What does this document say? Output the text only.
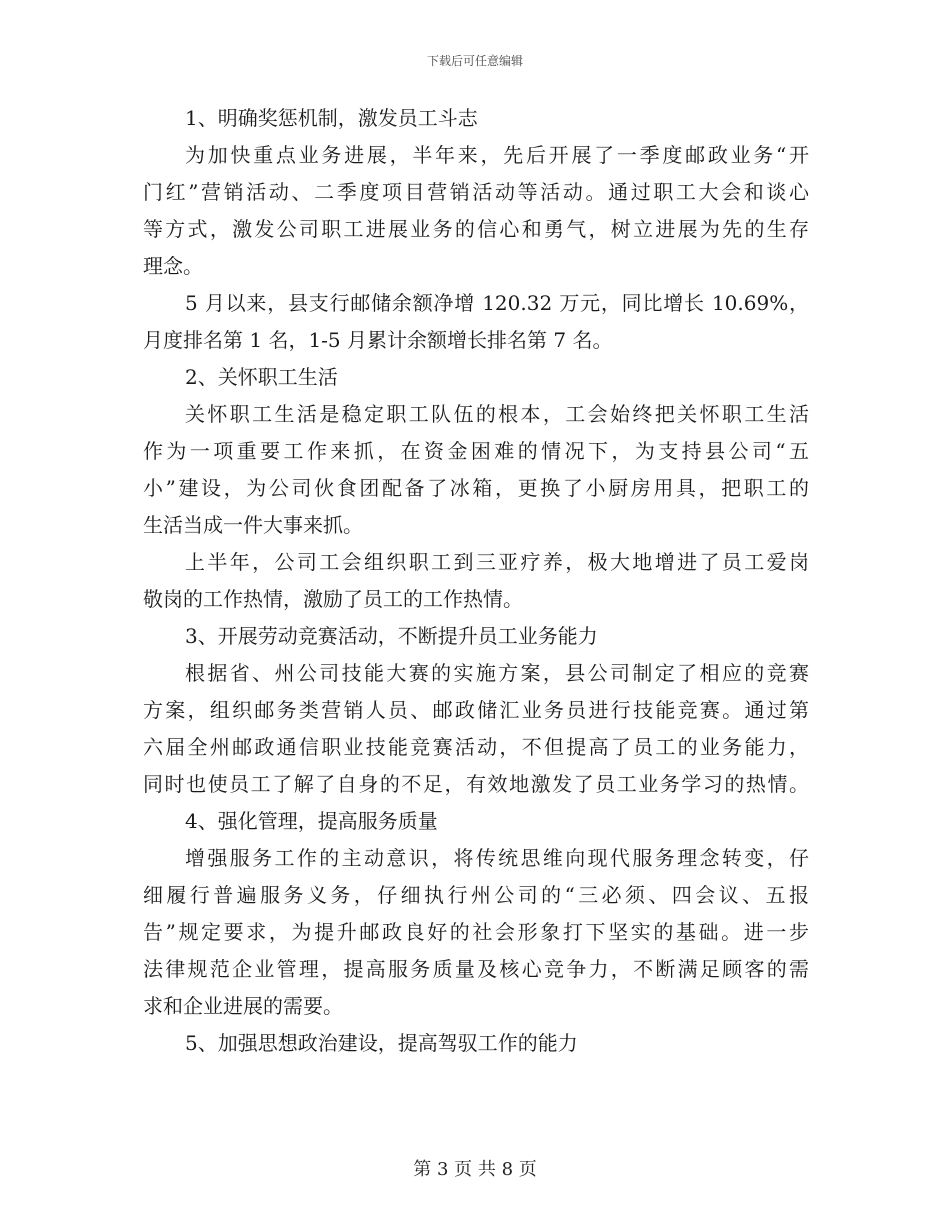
下载后可任意编辑
1、明确奖惩机制，激发员工斗志
为加快重点业务进展，半年来，先后开展了一季度邮政业务“开
门红”营销活动、二季度项目营销活动等活动。通过职工大会和谈心
等方式，激发公司职工进展业务的信心和勇气，树立进展为先的生存
理念。
5 月以来，县支行邮储余额净增 120.32 万元，同比增长 10.69%，
月度排名第 1 名，1-5 月累计余额增长排名第 7 名。
2、关怀职工生活
关怀职工生活是稳定职工队伍的根本，工会始终把关怀职工生活
作为一项重要工作来抓，在资金困难的情况下，为支持县公司“五
小”建设，为公司伙食团配备了冰箱，更换了小厨房用具，把职工的
生活当成一件大事来抓。
上半年，公司工会组织职工到三亚疗养，极大地增进了员工爱岗
敬岗的工作热情，激励了员工的工作热情。
3、开展劳动竞赛活动，不断提升员工业务能力
根据省、州公司技能大赛的实施方案，县公司制定了相应的竞赛
方案，组织邮务类营销人员、邮政储汇业务员进行技能竞赛。通过第
六届全州邮政通信职业技能竞赛活动，不但提高了员工的业务能力，
同时也使员工了解了自身的不足，有效地激发了员工业务学习的热情。
4、强化管理，提高服务质量
增强服务工作的主动意识，将传统思维向现代服务理念转变，仔
细履行普遍服务义务，仔细执行州公司的“三必须、四会议、五报
告”规定要求，为提升邮政良好的社会形象打下坚实的基础。进一步
法律规范企业管理，提高服务质量及核心竞争力，不断满足顾客的需
求和企业进展的需要。
5、加强思想政治建设，提高驾驭工作的能力
第 3 页 共 8 页
